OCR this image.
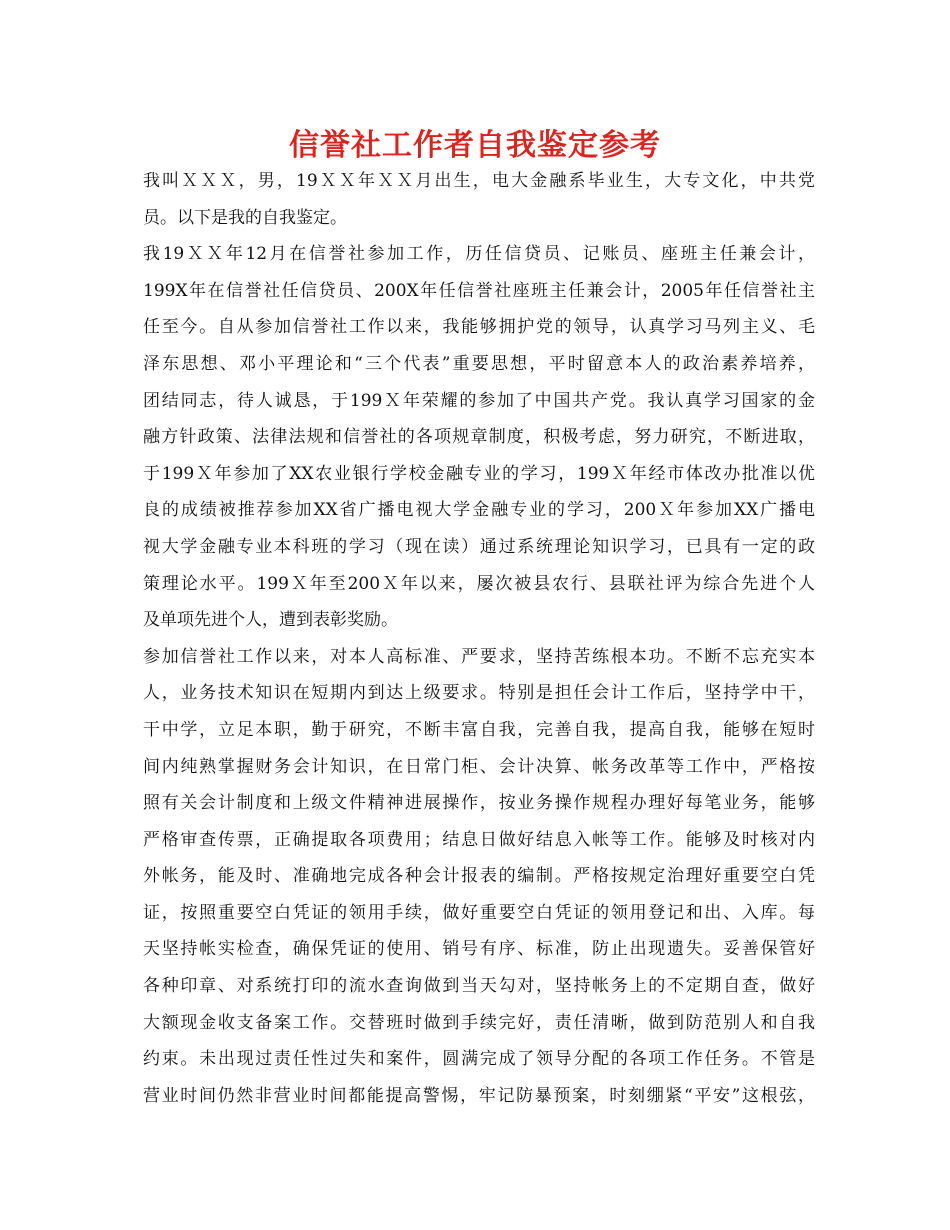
信誉社工作者自我鉴定参考
我叫ＸＸＸ，男，19ＸＸ年ＸＸ月出生，电大金融系毕业生，大专文化，中共党
员。以下是我的自我鉴定。
我19ＸＸ年12月在信誉社参加工作，历任信贷员、记账员、座班主任兼会计，
199X年在信誉社任信贷员、200X年任信誉社座班主任兼会计，2005年任信誉社主
任至今。自从参加信誉社工作以来，我能够拥护党的领导，认真学习马列主义、毛
泽东思想、邓小平理论和“三个代表”重要思想，平时留意本人的政治素养培养，
团结同志，待人诚恳，于199Ｘ年荣耀的参加了中国共产党。我认真学习国家的金
融方针政策、法律法规和信誉社的各项规章制度，积极考虑，努力研究，不断进取，
于199Ｘ年参加了XX农业银行学校金融专业的学习，199Ｘ年经市体改办批准以优
良的成绩被推荐参加XX省广播电视大学金融专业的学习，200Ｘ年参加XX广播电
视大学金融专业本科班的学习（现在读）通过系统理论知识学习，已具有一定的政
策理论水平。199Ｘ年至200Ｘ年以来，屡次被县农行、县联社评为综合先进个人
及单项先进个人，遭到表彰奖励。
参加信誉社工作以来，对本人高标准、严要求，坚持苦练根本功。不断不忘充实本
人，业务技术知识在短期内到达上级要求。特别是担任会计工作后，坚持学中干，
干中学，立足本职，勤于研究，不断丰富自我，完善自我，提高自我，能够在短时
间内纯熟掌握财务会计知识，在日常门柜、会计决算、帐务改革等工作中，严格按
照有关会计制度和上级文件精神进展操作，按业务操作规程办理好每笔业务，能够
严格审查传票，正确提取各项费用；结息日做好结息入帐等工作。能够及时核对内
外帐务，能及时、准确地完成各种会计报表的编制。严格按规定治理好重要空白凭
证，按照重要空白凭证的领用手续，做好重要空白凭证的领用登记和出、入库。每
天坚持帐实检查，确保凭证的使用、销号有序、标准，防止出现遗失。妥善保管好
各种印章、对系统打印的流水查询做到当天勾对，坚持帐务上的不定期自查，做好
大额现金收支备案工作。交替班时做到手续完好，责任清晰，做到防范别人和自我
约束。未出现过责任性过失和案件，圆满完成了领导分配的各项工作任务。不管是
营业时间仍然非营业时间都能提高警惕，牢记防暴预案，时刻绷紧“平安”这根弦，
